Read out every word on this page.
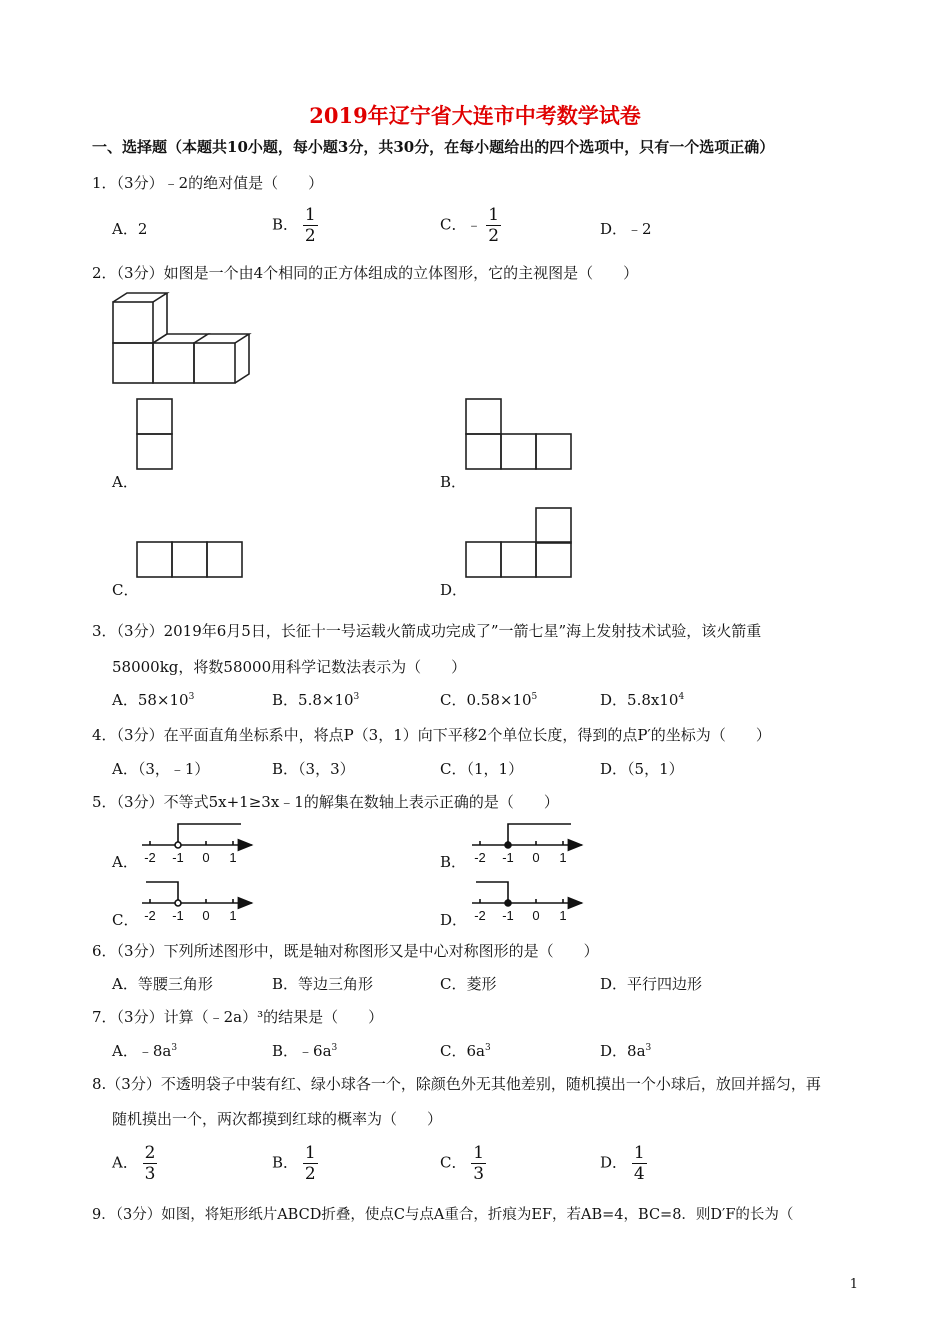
2019年辽宁省大连市中考数学试卷
一、选择题（本题共10小题，每小题3分，共30分，在每小题给出的四个选项中，只有一个选项正确）
1．（3分）﹣2的绝对值是（　　）
A．2	B． $\frac{1}{2}$	C．﹣ $\frac{1}{2}$	D．﹣2
2．（3分）如图是一个由4个相同的正方体组成的立体图形，它的主视图是（　　）
A．	B．
C．	D．
3．（3分）2019年6月5日，长征十一号运载火箭成功完成了”一箭七星”海上发射技术试验，该火箭重
58000kg，将数58000用科学记数法表示为（　　）
A．$58\times 10^3$	B．$5.8\times 10^3$	C．$0.58\times 10^5$	D．$5.8x10^4$
4．（3分）在平面直角坐标系中，将点P（3，1）向下平移2个单位长度，得到的点P′的坐标为（　　）
A．（3，﹣1）	B．（3，3）	C．（1，1）	D．（5，1）
5．（3分）不等式5x+1≥3x﹣1的解集在数轴上表示正确的是（　　）
A．	B．
C．	D．
-2 -1 0 1	-2 -1 0 1
-2 -1 0 1	-2 -1 0 1
6．（3分）下列所述图形中，既是轴对称图形又是中心对称图形的是（　　）
A．等腰三角形	B．等边三角形	C．菱形	D．平行四边形
7．（3分）计算（﹣2a）³的结果是（　　）
A．$﹣8a^3$	B．$﹣6a^3$	C．$6a^3$	D．$8a^3$
8.（3分）不透明袋子中装有红、绿小球各一个，除颜色外无其他差别，随机摸出一个小球后，放回并摇匀，再
随机摸出一个，两次都摸到红球的概率为（　　）
A． $\frac{2}{3}$	B． $\frac{1}{2}$	C． $\frac{1}{3}$	D． $\frac{1}{4}$
9．（3分）如图，将矩形纸片ABCD折叠，使点C与点A重合，折痕为EF，若AB=4，BC=8．则D′F的长为（
1
